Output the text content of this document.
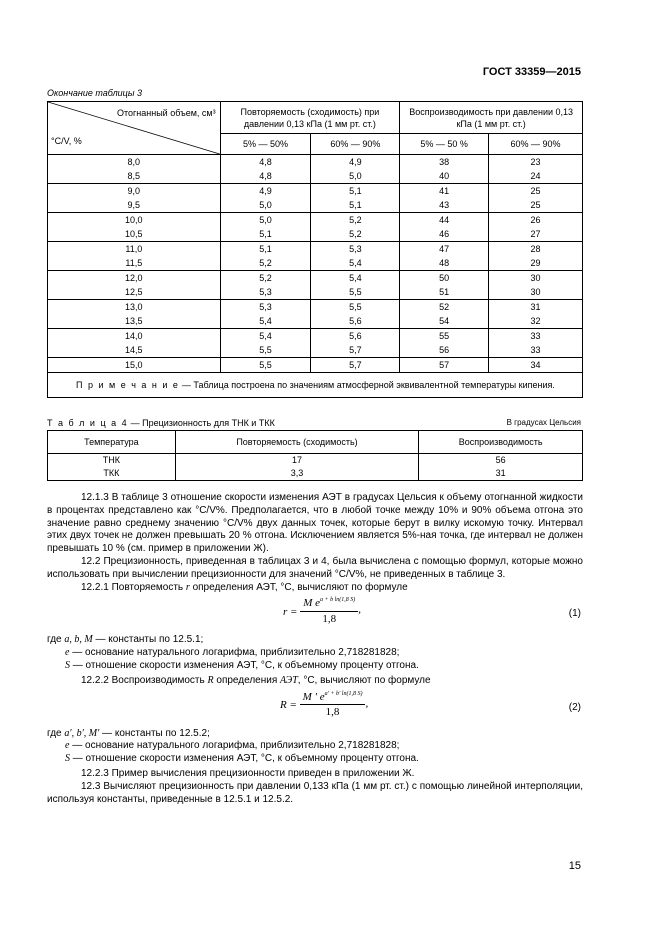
ГОСТ 33359—2015
Окончание таблицы 3
Отогнанный объем, см³
°C/V, %	Повторяемость (сходимость) при давлении 0,13 кПа (1 мм рт. ст.)		Воспроизводимость при давлении 0,13 кПа (1 мм рт. ст.)	
	5% — 50%	60% — 90%	5% — 50 %	60% — 90%
8,0	4,8	4,9	38	23
8,5	4,8	5,0	40	24
9,0	4,9	5,1	41	25
9,5	5,0	5,1	43	25
10,0	5,0	5,2	44	26
10,5	5,1	5,2	46	27
11,0	5,1	5,3	47	28
11,5	5,2	5,4	48	29
12,0	5,2	5,4	50	30
12,5	5,3	5,5	51	30
13,0	5,3	5,5	52	31
13,5	5,4	5,6	54	32
14,0	5,4	5,6	55	33
14,5	5,5	5,7	56	33
15,0	5,5	5,7	57	34
П р и м е ч а н и е — Таблица построена по значениям атмосферной эквивалентной температуры кипения.				
Т а б л и ц а 4 — Прецизионность для ТНК и ТКК	В градусах Цельсия
Температура	Повторяемость (сходимость)	Воспроизводимость
ТНК	17	56
ТКК	3,3	31

12.1.3 В таблице 3 отношение скорости изменения АЭТ в градусах Цельсия к объему отогнанной жидкости в процентах представлено как °C/V%. Предполагается, что в любой точке между 10% и 90% объема отгона это значение равно среднему значению °C/V% двух данных точек, которые берут в вилку искомую точку. Интервал этих двух точек не должен превышать 20 % отгона. Исключением является 5%-ная точка, где интервал не должен превышать 10 % (см. пример в приложении Ж).

12.2 Прецизионность, приведенная в таблицах 3 и 4, была вычислена с помощью формул, которые можно использовать при вычислении прецизионности для значений °C/V%, не приведенных в таблице 3.

12.2.1 Повторяемость r определения АЭТ, °С, вычисляют по формуле

$r = \frac{M e^{a + b ln(1,8 S)}}{1,8}$ ,	(1)

где a, b, M — константы по 12.5.1;

e — основание натурального логарифма, приблизительно 2,718281828;

S — отношение скорости изменения АЭТ, °C, к объемному проценту отгона.

12.2.2 Воспроизводимость R определения АЭТ, °C, вычисляют по формуле

$R = \frac{M ' e^{a' + b' ln(1,8 S)}}{1,8}$ ,	(2)

где a′, b′, M′ — константы по 12.5.2;

e — основание натурального логарифма, приблизительно 2,718281828;

S — отношение скорости изменения АЭТ, °C, к объемному проценту отгона.

12.2.3 Пример вычисления прецизионности приведен в приложении Ж.

12.3 Вычисляют прецизионность при давлении 0,133 кПа (1 мм рт. ст.) с помощью линейной интерполяции, используя константы, приведенные в 12.5.1 и 12.5.2.

15
